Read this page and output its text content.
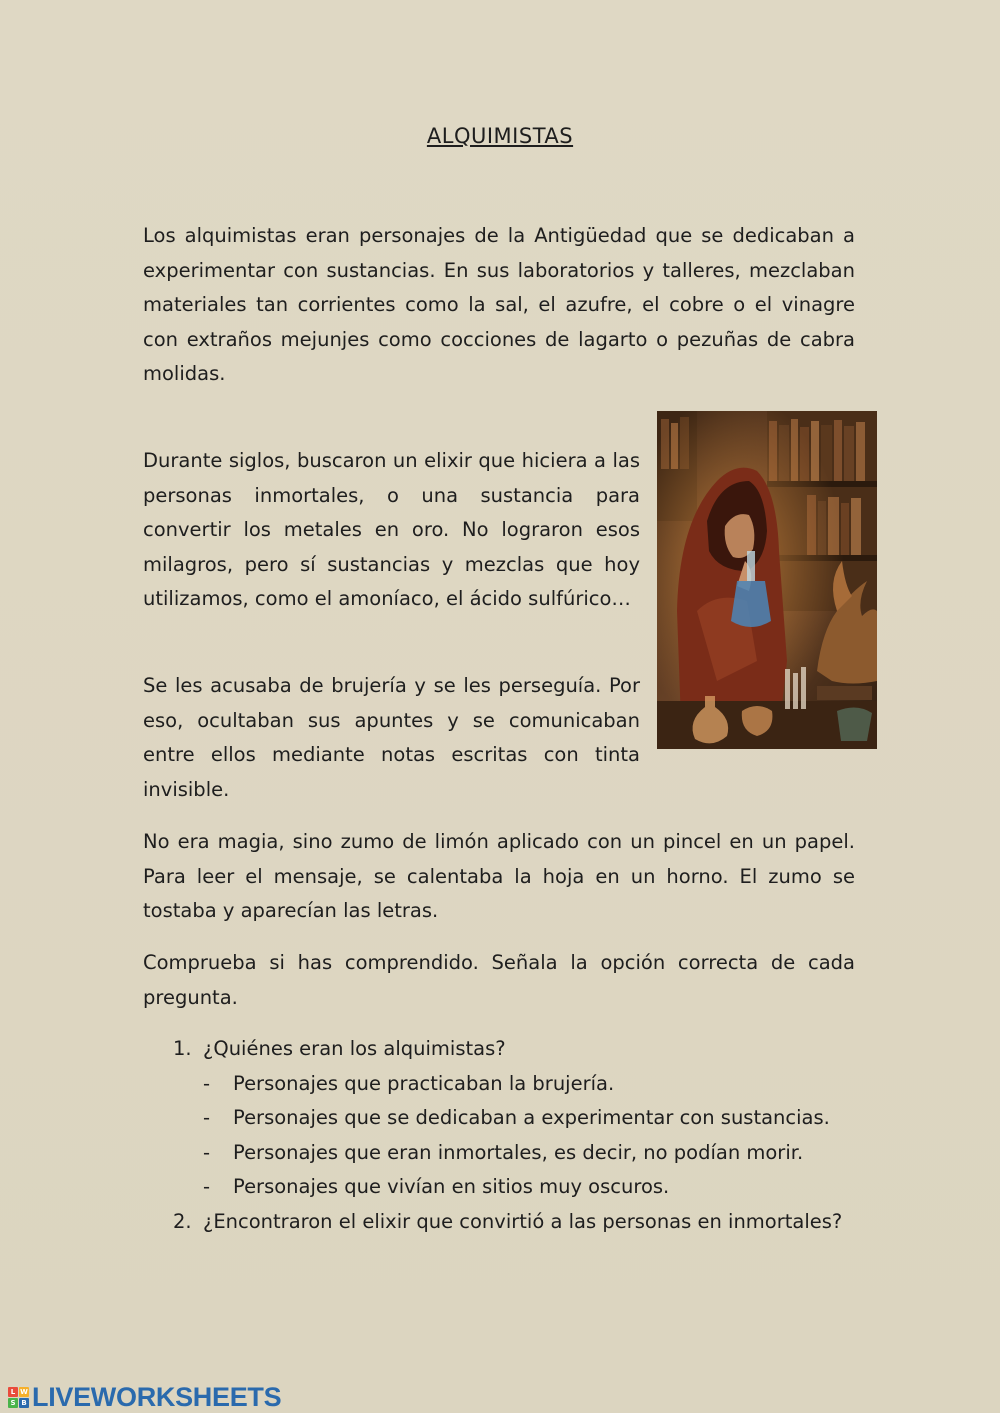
ALQUIMISTAS

Los alquimistas eran personajes de la Antigüedad que se dedicaban a experimentar con sustancias. En sus laboratorios y talleres, mezclaban materiales tan corrientes como la sal, el azufre, el cobre o el vinagre con extraños mejunjes como cocciones de lagarto o pezuñas de cabra molidas.

Durante siglos, buscaron un elixir que hiciera a las personas inmortales, o una sustancia para convertir los metales en oro. No lograron esos milagros, pero sí sustancias y mezclas que hoy utilizamos, como el amoníaco, el ácido sulfúrico…

Se les acusaba de brujería y se les perseguía. Por eso, ocultaban sus apuntes y se comunicaban entre ellos mediante notas escritas con tinta invisible.

No era magia, sino zumo de limón aplicado con un pincel en un papel. Para leer el mensaje, se calentaba la hoja en un horno. El zumo se tostaba y aparecían las letras.

Comprueba si has comprendido. Señala la opción correcta de cada pregunta.

1. ¿Quiénes eran los alquimistas?
- Personajes que practicaban la brujería.
- Personajes que se dedicaban a experimentar con sustancias.
- Personajes que eran inmortales, es decir, no podían morir.
- Personajes que vivían en sitios muy oscuros.
2. ¿Encontraron el elixir que convirtió a las personas en inmortales?
L W
S B LIVEWORKSHEETS
